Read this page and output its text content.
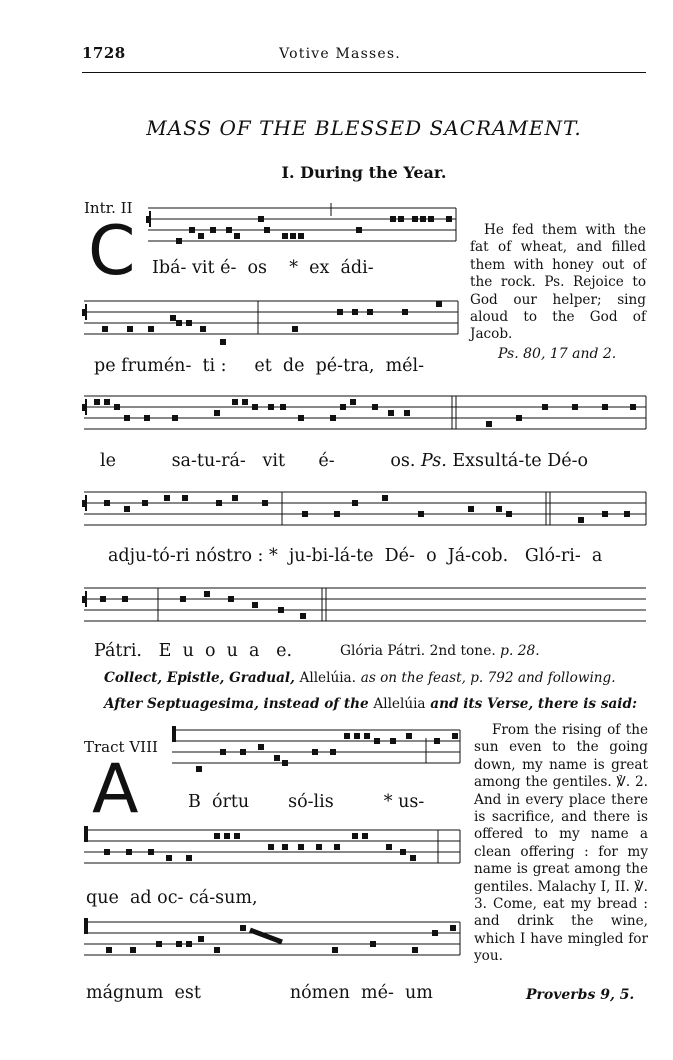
1728	Votive Masses.
MASS OF THE BLESSED SACRAMENT.
I. During the Year.
Intr. II
C Ibá- vit é-  os    *  ex  ádi-
pe frumén-  ti :     et  de  pé-tra,  mél-
le          sa-tu-rá-   vit      é-          os. Ps. Exsultá-te Dé-o
adju-tó-ri nóstro : *  ju-bi-lá-te  Dé-  o  Já-cob.   Gló-ri-  a
Pátri.   E  u  o  u  a   e.	Glória Pátri. 2nd tone. p. 28.

He fed them with the fat of wheat, and filled them with honey out of the rock. Ps. Rejoice to God our helper; sing aloud to the God of Jacob.

Ps. 80, 17 and 2.
Collect, Epistle, Gradual, Allelúia. as on the feast, p. 792 and following.
After Septuagesima, instead of the Allelúia and its Verse, there is said:
Tract VIII
A	B  órtu       só-lis         * us-
que  ad oc- cá-sum,
mágnum  est                nómen  mé-  um

From the rising of the sun even to the going down, my name is great among the gentiles. ℣. 2. And in every place there is sacrifice, and there is offered to my name a clean offering : for my name is great among the gentiles. Malachy I, II. ℣. 3. Come, eat my bread : and drink the wine, which I have mingled for you.

Proverbs 9, 5.
